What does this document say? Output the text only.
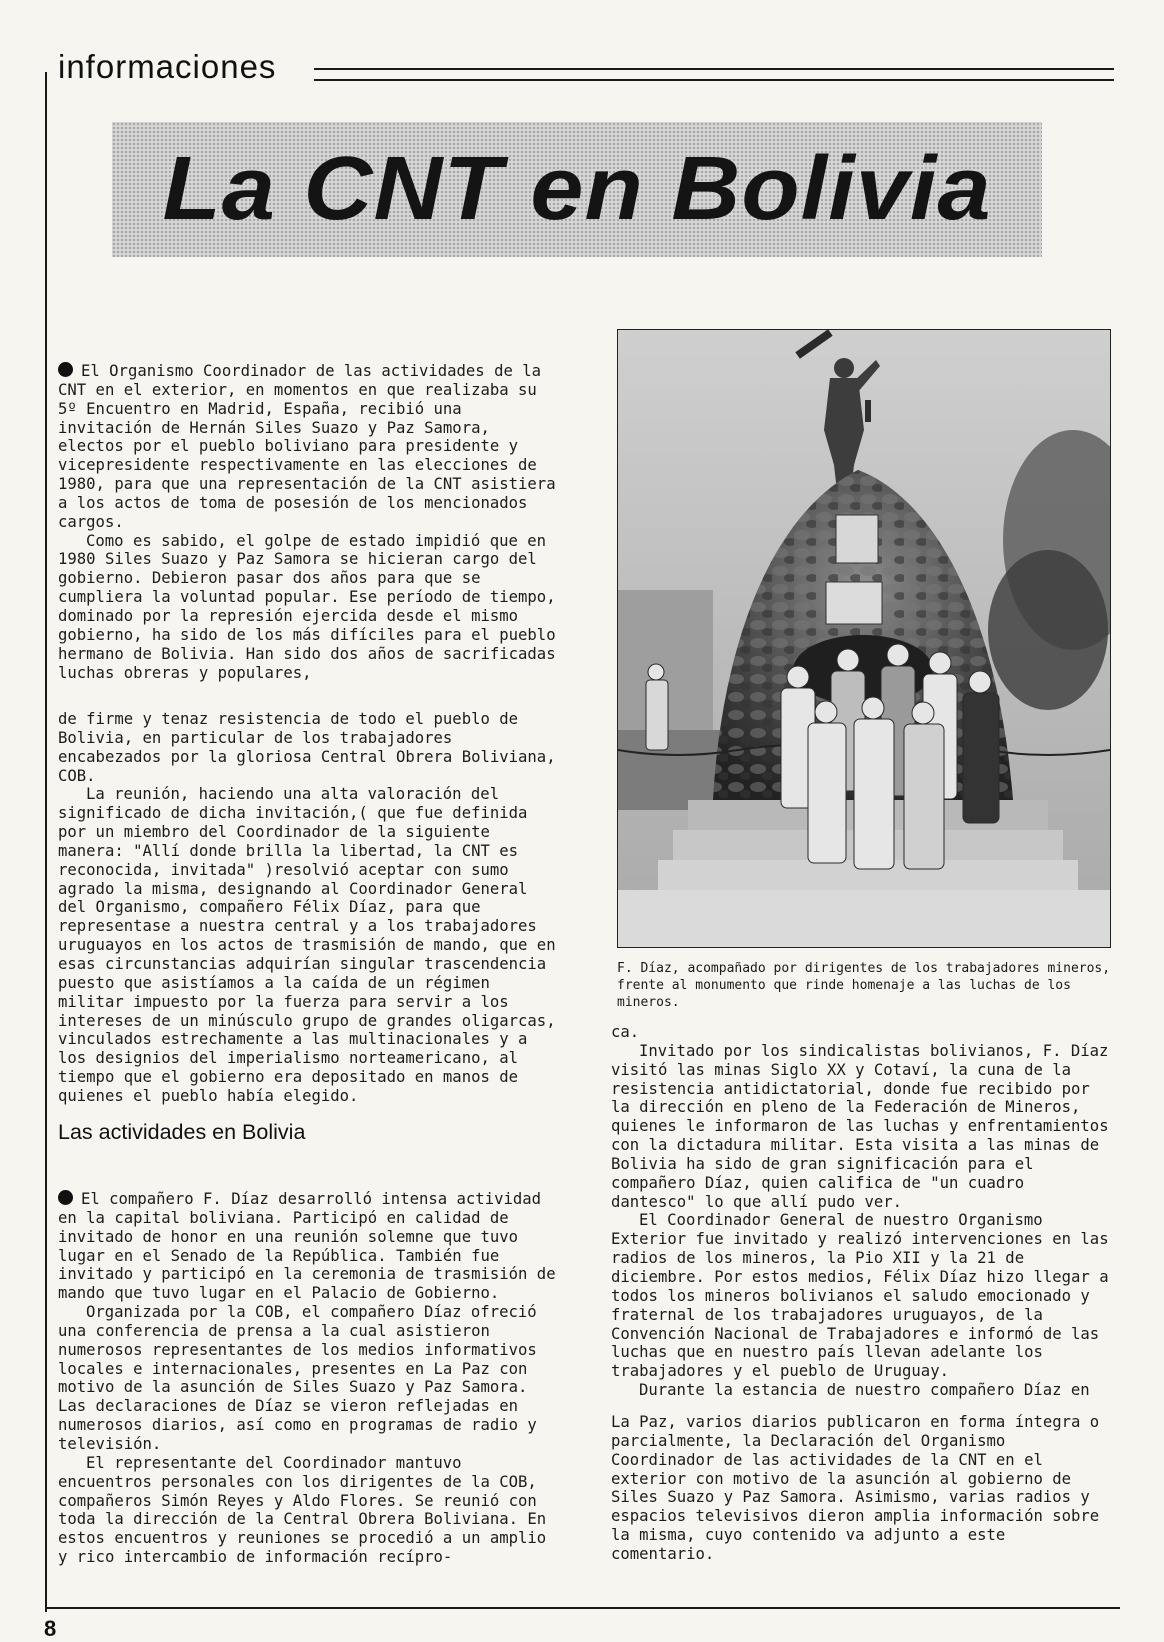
informaciones
La CNT en Bolivia

El Organismo Coordinador de las actividades de la CNT en el exterior, en momentos en que realizaba su 5º Encuentro en Madrid, España, recibió una invitación de Hernán Siles Suazo y Paz Samora, electos por el pueblo boliviano para presidente y vicepresidente respectivamente en las elecciones de 1980, para que una representación de la CNT asistiera a los actos de toma de posesión de los mencionados cargos.

Como es sabido, el golpe de estado impidió que en 1980 Siles Suazo y Paz Samora se hicieran cargo del gobierno. Debieron pasar dos años para que se cumpliera la voluntad popular. Ese período de tiempo, dominado por la represión ejercida desde el mismo gobierno, ha sido de los más difíciles para el pueblo hermano de Bolivia. Han sido dos años de sacrificadas luchas obreras y populares,

de firme y tenaz resistencia de todo el pueblo de Bolivia, en particular de los trabajadores encabezados por la gloriosa Central Obrera Boliviana, COB.

La reunión, haciendo una alta valoración del significado de dicha invitación,( que fue definida por un miembro del Coordinador de la siguiente manera: "Allí donde brilla la libertad, la CNT es reconocida, invitada" )resolvió aceptar con sumo agrado la misma, designando al Coordinador General del Organismo, compañero Félix Díaz, para que representase a nuestra central y a los trabajadores uruguayos en los actos de trasmisión de mando, que en esas circunstancias adquirían singular trascendencia puesto que asistíamos a la caída de un régimen militar impuesto por la fuerza para servir a los intereses de un minúsculo grupo de grandes oligarcas, vinculados estrechamente a las multinacionales y a los designios del imperialismo norteamericano, al tiempo que el gobierno era depositado en manos de quienes el pueblo había elegido.

Las actividades en Bolivia

El compañero F. Díaz desarrolló intensa actividad en la capital boliviana. Participó en calidad de invitado de honor en una reunión solemne que tuvo lugar en el Senado de la República. También fue invitado y participó en la ceremonia de trasmisión de mando que tuvo lugar en el Palacio de Gobierno.

Organizada por la COB, el compañero Díaz ofreció una conferencia de prensa a la cual asistieron numerosos representantes de los medios informativos locales e internacionales, presentes en La Paz con motivo de la asunción de Siles Suazo y Paz Samora. Las declaraciones de Díaz se vieron reflejadas en numerosos diarios, así como en programas de radio y televisión.

El representante del Coordinador mantuvo encuentros personales con los dirigentes de la COB, compañeros Simón Reyes y Aldo Flores. Se reunió con toda la dirección de la Central Obrera Boliviana. En estos encuentros y reuniones se procedió a un amplio y rico intercambio de información recípro-

F. Díaz, acompañado por dirigentes de los trabajadores mineros, frente al monumento que rinde homenaje a las luchas de los mineros.

ca.

Invitado por los sindicalistas bolivianos, F. Díaz visitó las minas Siglo XX y Cotaví, la cuna de la resistencia antidictatorial, donde fue recibido por la dirección en pleno de la Federación de Mineros, quienes le informaron de las luchas y enfrentamientos con la dictadura militar. Esta visita a las minas de Bolivia ha sido de gran significación para el compañero Díaz, quien califica de "un cuadro dantesco" lo que allí pudo ver.

El Coordinador General de nuestro Organismo Exterior fue invitado y realizó intervenciones en las radios de los mineros, la Pio XII y la 21 de diciembre. Por estos medios, Félix Díaz hizo llegar a todos los mineros bolivianos el saludo emocionado y fraternal de los trabajadores uruguayos, de la Convención Nacional de Trabajadores e informó de las luchas que en nuestro país llevan adelante los trabajadores y el pueblo de Uruguay.

Durante la estancia de nuestro compañero Díaz en

La Paz, varios diarios publicaron en forma íntegra o parcialmente, la Declaración del Organismo Coordinador de las actividades de la CNT en el exterior con motivo de la asunción al gobierno de Siles Suazo y Paz Samora. Asimismo, varias radios y espacios televisivos dieron amplia información sobre la misma, cuyo contenido va adjunto a este comentario.

8
